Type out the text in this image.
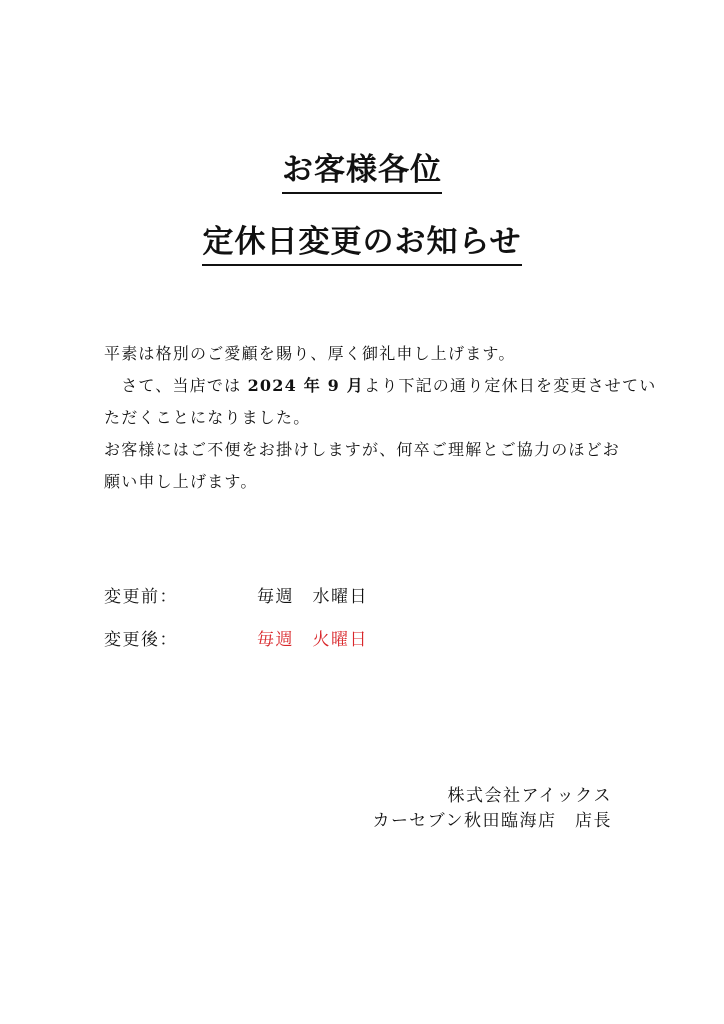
お客様各位
定休日変更のお知らせ

平素は格別のご愛顧を賜り、厚く御礼申し上げます。

　さて、当店では 2024 年 9 月より下記の通り定休日を変更させてい

ただくことになりました。

お客様にはご不便をお掛けしますが、何卒ご理解とご協力のほどお

願い申し上げます。

変更前：	毎週　水曜日
変更後：	毎週　火曜日
株式会社アイックス
カーセブン秋田臨海店　店長
